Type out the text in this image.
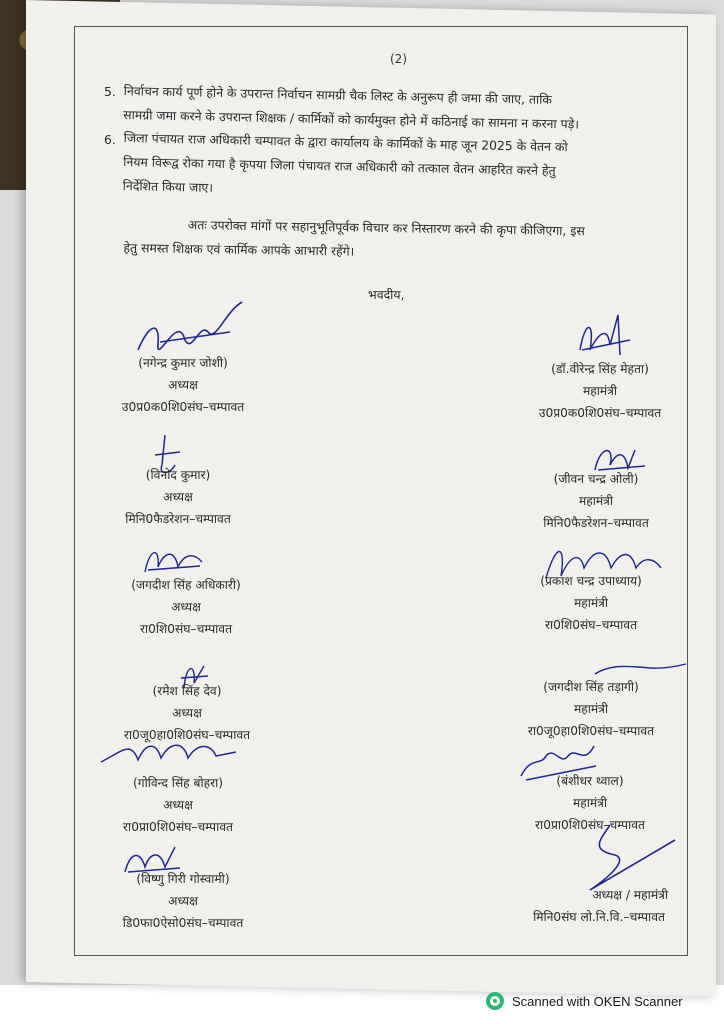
(2)
5. निर्वाचन कार्य पूर्ण होने के उपरान्त निर्वाचन सामग्री चैक लिस्ट के अनुरूप ही जमा की जाए, ताकि
सामग्री जमा करने के उपरान्त शिक्षक / कार्मिकों को कार्यमुक्त होने में कठिनाई का सामना न करना पड़े।
6. जिला पंचायत राज अधिकारी चम्पावत के द्वारा कार्यालय के कार्मिकों के माह जून 2025 के वेतन को
नियम विरूद्व रोका गया है कृपया जिला पंचायत राज अधिकारी को तत्काल वेतन आहरित करने हेतु
निर्देशित किया जाए।
अतः उपरोक्त मांगों पर सहानुभूतिपूर्वक विचार कर निस्तारण करने की कृपा कीजिएगा, इस
हेतु समस्त शिक्षक एवं कार्मिक आपके आभारी रहेंगे।
भवदीय,
(नगेन्द्र कुमार जोशी)
अध्यक्ष
उ0प्र0क0शि0संघ–चम्पावत
(डॉ.वीरेन्द्र सिंह मेहता)
महामंत्री
उ0प्र0क0शि0संघ–चम्पावत
(विनोद कुमार)
अध्यक्ष
मिनि0फैडरेशन–चम्पावत
(जीवन चन्द्र ओली)
महामंत्री
मिनि0फैडरेशन–चम्पावत
(जगदीश सिंह अधिकारी)
अध्यक्ष
रा0शि0संघ–चम्पावत
(प्रकाश चन्द्र उपाध्याय)
महामंत्री
रा0शि0संघ–चम्पावत
(रमेश सिंह देव)
अध्यक्ष
रा0जू0हा0शि0संघ–चम्पावत
(जगदीश सिंह तड़ागी)
महामंत्री
रा0जू0हा0शि0संघ–चम्पावत
(गोविन्द सिंह बोहरा)
अध्यक्ष
रा0प्रा0शि0संघ–चम्पावत
(बंशीधर थ्वाल)
महामंत्री
रा0प्रा0शि0संघ–चम्पावत
(विष्णु गिरी गोस्वामी)
अध्यक्ष
डि0फा0ऐसो0संघ–चम्पावत
अध्यक्ष / महामंत्री
मिनि0संघ लो.नि.वि.–चम्पावत
Scanned with OKEN Scanner
